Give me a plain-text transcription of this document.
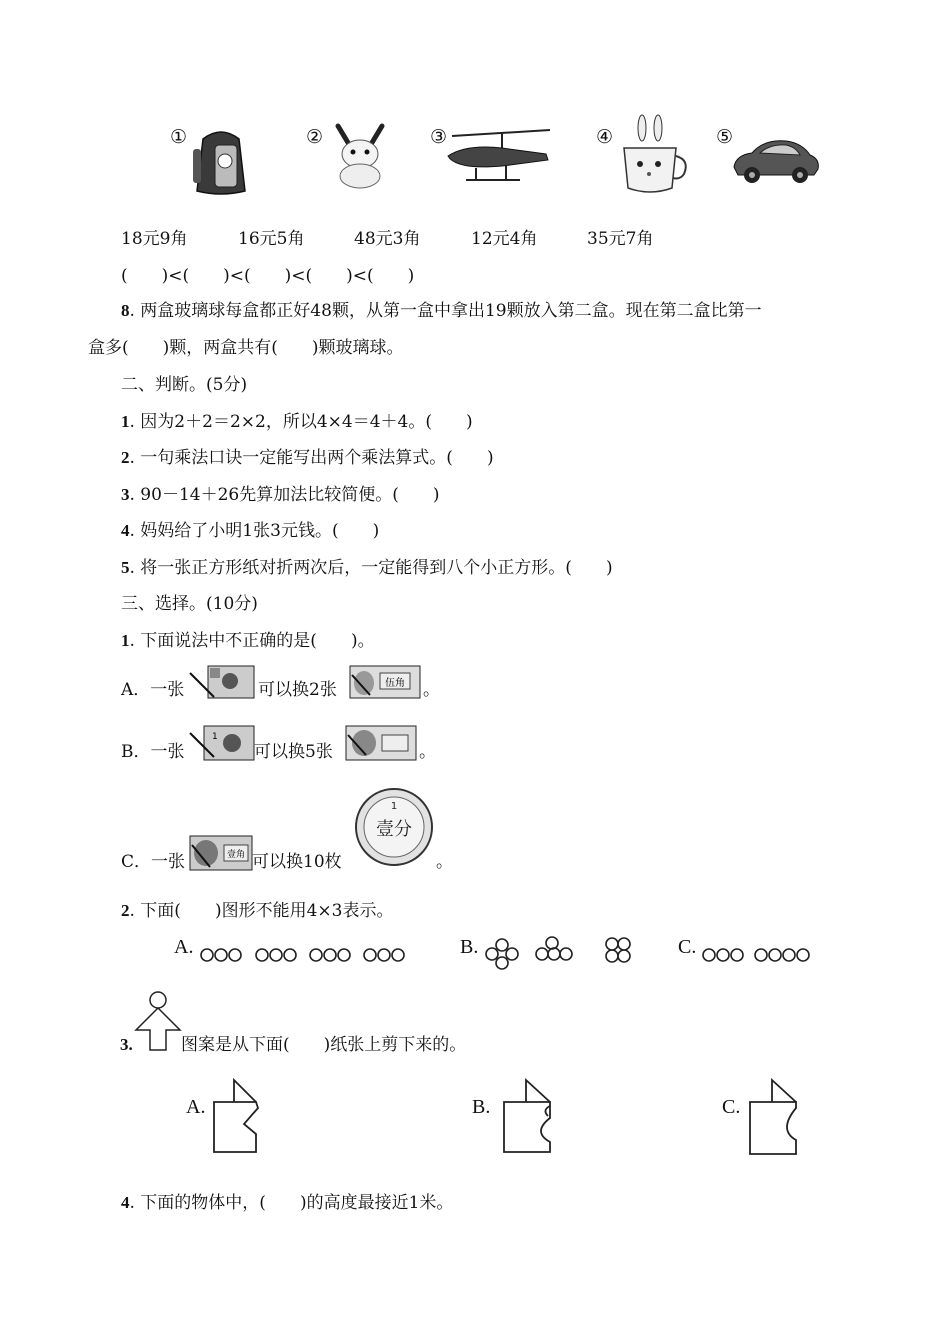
①	②	③	④	⑤
18元9角	16元5角	48元3角	12元4角	35元7角
(　　)<(　　)<(　　)<(　　)<(　　)
8. 两盒玻璃球每盒都正好48颗，从第一盒中拿出19颗放入第二盒。现在第二盒比第一
盒多(　　)颗，两盒共有(　　)颗玻璃球。
二、判断。(5分)
1. 因为2＋2＝2×2，所以4×4＝4＋4。(　　)
2. 一句乘法口诀一定能写出两个乘法算式。(　　)
3. 90－14＋26先算加法比较简便。(　　)
4. 妈妈给了小明1张3元钱。(　　)
5. 将一张正方形纸对折两次后，一定能得到八个小正方形。(　　)
三、选择。(10分)
1. 下面说法中不正确的是(　　)。
A．一张	可以换2张	伍角 。
B．一张
1
可以换5张	。
C．一张	壹角 可以换10枚
壹分
1
。
2. 下面(　　)图形不能用4×3表示。
A.	B.	C.
3.	图案是从下面(　　)纸张上剪下来的。
A.	B.	C.
4. 下面的物体中，(　　)的高度最接近1米。
